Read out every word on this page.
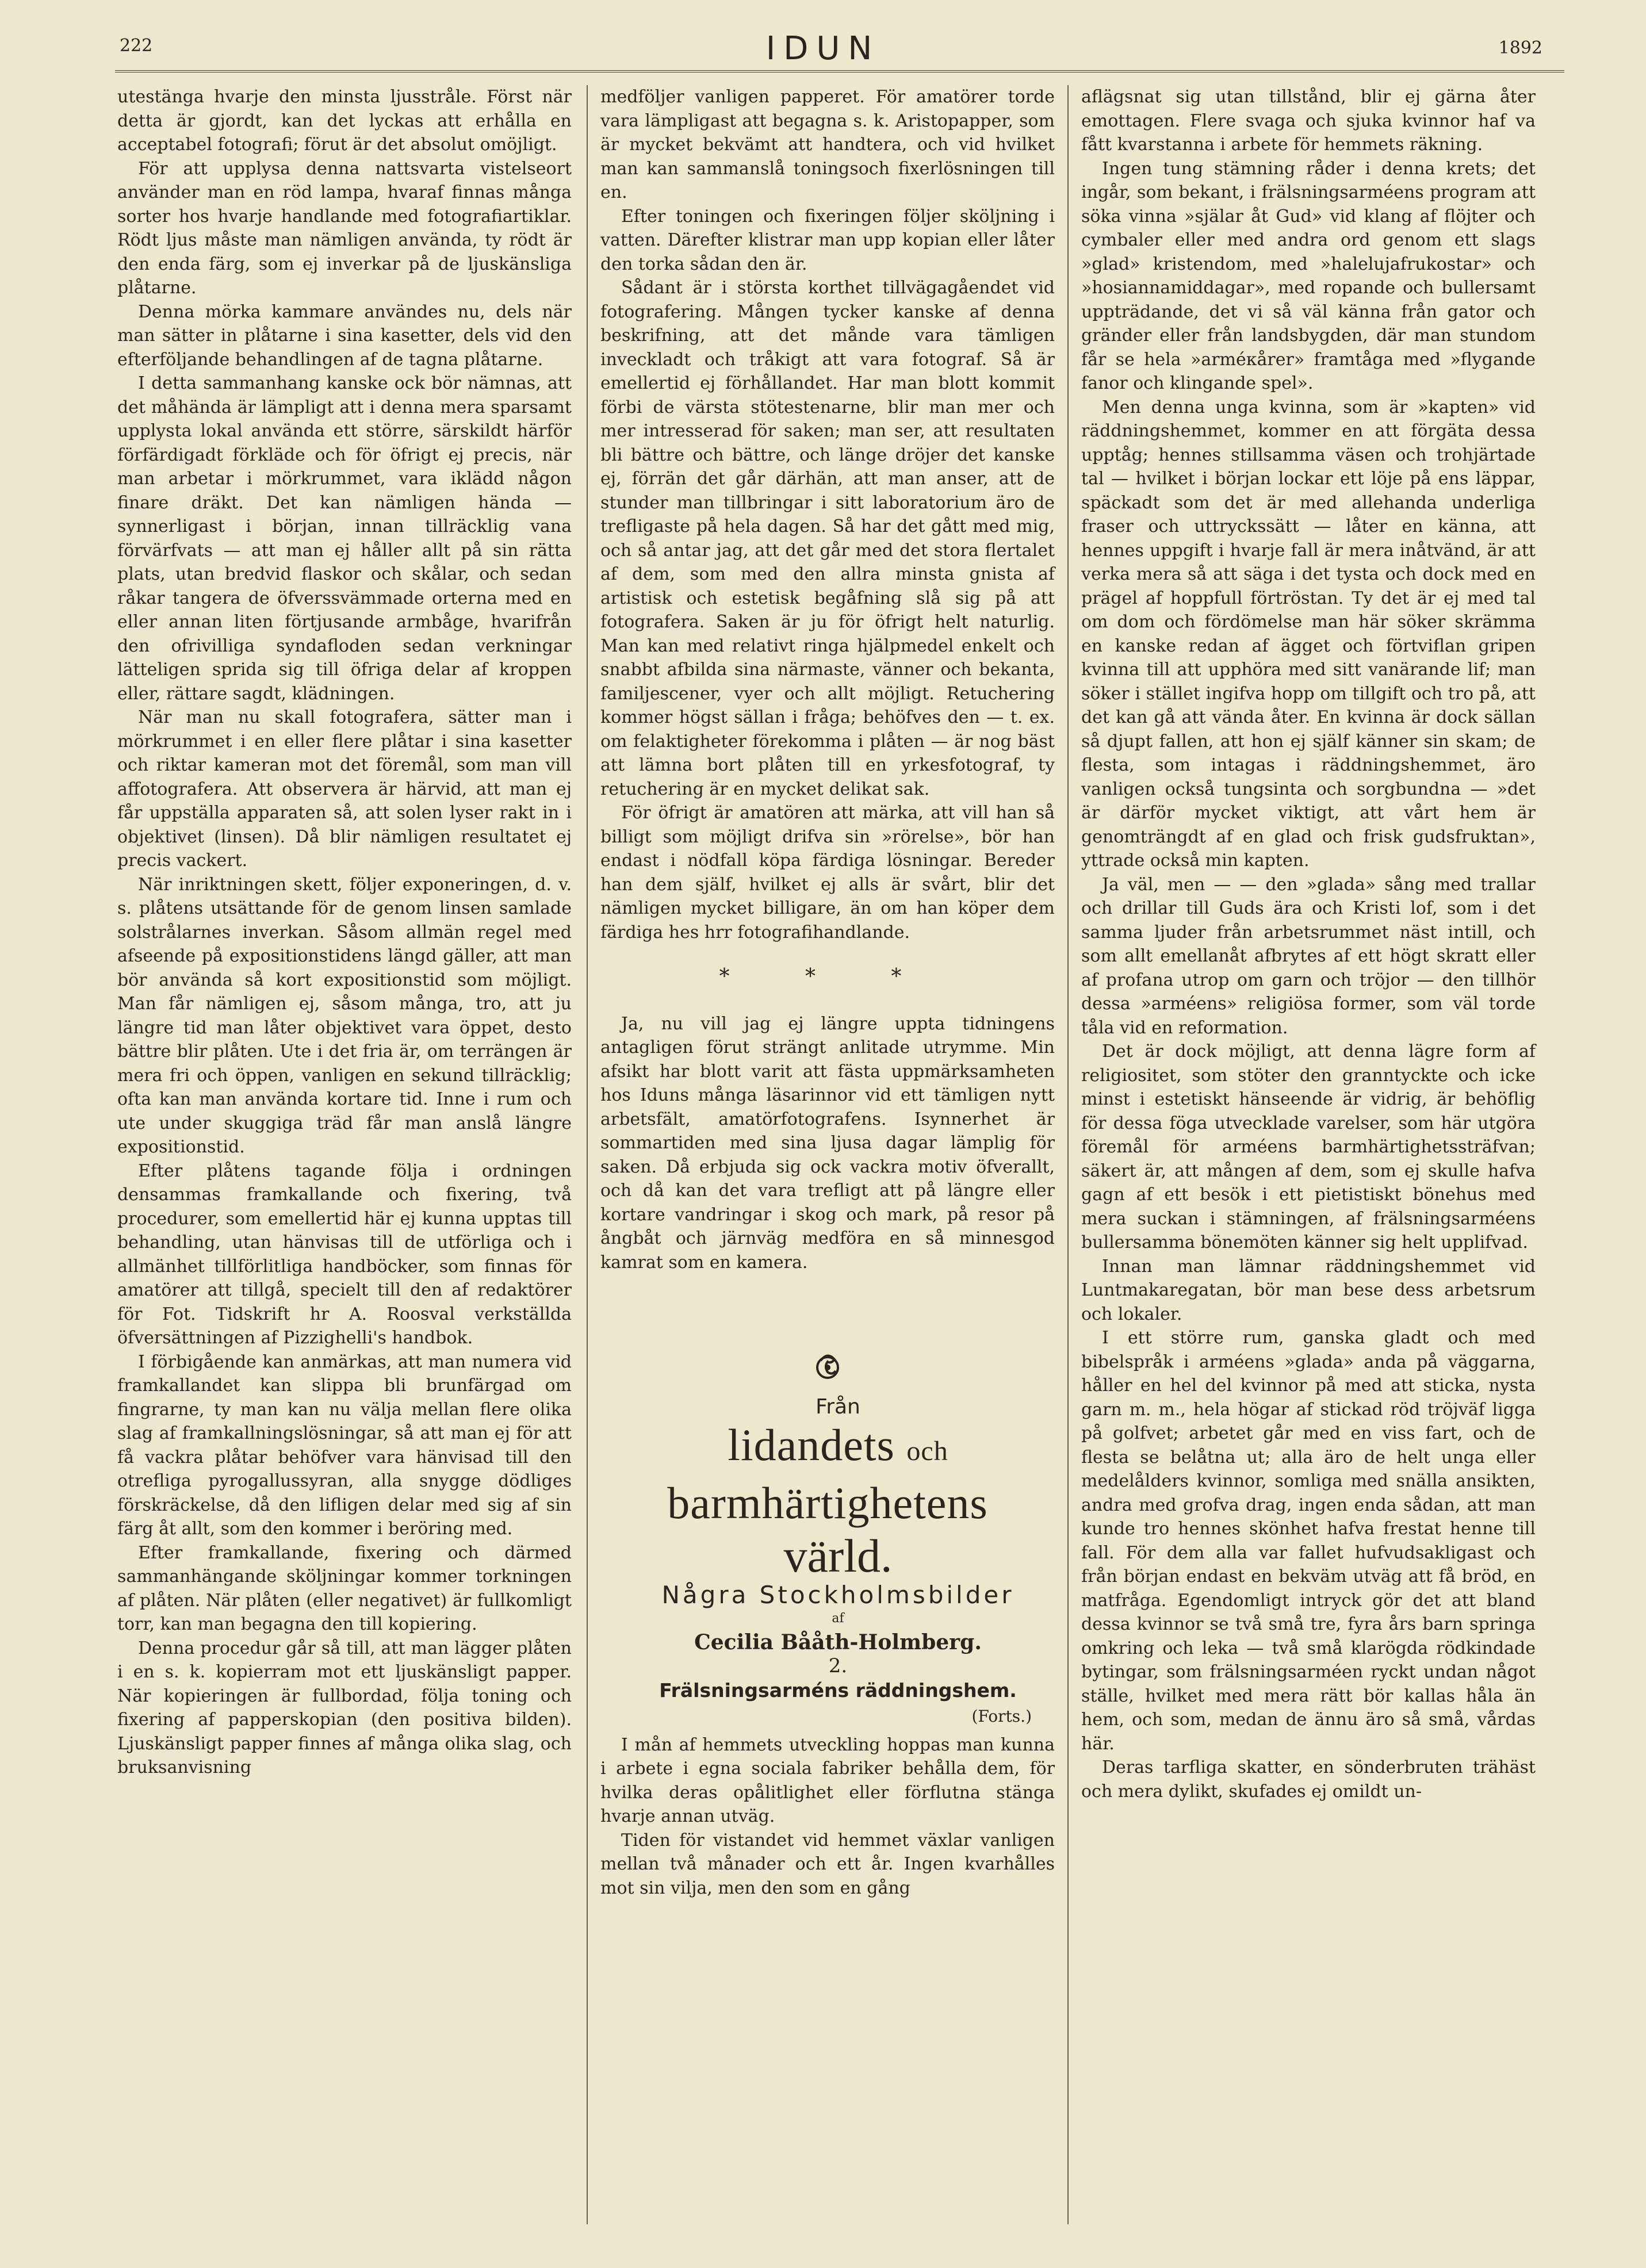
222	IDUN	1892

utestänga hvarje den minsta ljusstråle. Först när detta är gjordt, kan det lyckas att erhålla en acceptabel fotografi; förut är det absolut omöjligt.

För att upplysa denna nattsvarta vistelseort använder man en röd lampa, hvaraf finnas många sorter hos hvarje handlande med fotografiartiklar. Rödt ljus måste man nämligen använda, ty rödt är den enda färg, som ej inverkar på de ljuskänsliga plåtarne.

Denna mörka kammare användes nu, dels när man sätter in plåtarne i sina kasetter, dels vid den efterföljande behandlingen af de tagna plåtarne.

I detta sammanhang kanske ock bör nämnas, att det måhända är lämpligt att i denna mera sparsamt upplysta lokal använda ett större, särskildt härför förfärdigadt förkläde och för öfrigt ej precis, när man arbetar i mörkrummet, vara iklädd någon finare dräkt. Det kan nämligen hända — synnerligast i början, innan tillräcklig vana förvärfvats — att man ej håller allt på sin rätta plats, utan bredvid flaskor och skålar, och sedan råkar tangera de öfverssvämmade orterna med en eller annan liten förtjusande armbåge, hvarifrån den ofrivilliga syndafloden sedan verkningar lätteligen sprida sig till öfriga delar af kroppen eller, rättare sagdt, klädningen.

När man nu skall fotografera, sätter man i mörkrummet i en eller flere plåtar i sina kasetter och riktar kameran mot det föremål, som man vill affotografera. Att observera är härvid, att man ej får uppställa apparaten så, att solen lyser rakt in i objektivet (linsen). Då blir nämligen resultatet ej precis vackert.

När inriktningen skett, följer exponeringen, d. v. s. plåtens utsättande för de genom linsen samlade solstrålarnes inverkan. Såsom allmän regel med afseende på expositionstidens längd gäller, att man bör använda så kort expositionstid som möjligt. Man får nämligen ej, såsom många, tro, att ju längre tid man låter objektivet vara öppet, desto bättre blir plåten. Ute i det fria är, om terrängen är mera fri och öppen, vanligen en sekund tillräcklig; ofta kan man använda kortare tid. Inne i rum och ute under skuggiga träd får man anslå längre expositionstid.

Efter plåtens tagande följa i ordningen densammas framkallande och fixering, två procedurer, som emellertid här ej kunna upptas till behandling, utan hänvisas till de utförliga och i allmänhet tillförlitliga handböcker, som finnas för amatörer att tillgå, specielt till den af redaktörer för Fot. Tidskrift hr A. Roosval verkställda öfversättningen af Pizzighelli's handbok.

I förbigående kan anmärkas, att man numera vid framkallandet kan slippa bli brunfärgad om fingrarne, ty man kan nu välja mellan flere olika slag af framkallningslösningar, så att man ej för att få vackra plåtar behöfver vara hänvisad till den otrefliga pyrogallussyran, alla snygge dödliges förskräckelse, då den lifligen delar med sig af sin färg åt allt, som den kommer i beröring med.

Efter framkallande, fixering och därmed sammanhängande sköljningar kommer torkningen af plåten. När plåten (eller negativet) är fullkomligt torr, kan man begagna den till kopiering.

Denna procedur går så till, att man lägger plåten i en s. k. kopierram mot ett ljuskänsligt papper. När kopieringen är fullbordad, följa toning och fixering af papperskopian (den positiva bilden). Ljuskänsligt papper finnes af många olika slag, och bruksanvisning

medföljer vanligen papperet. För amatörer torde vara lämpligast att begagna s. k. Aristopapper, som är mycket bekvämt att handtera, och vid hvilket man kan sammanslå toningsoch fixerlösningen till en.

Efter toningen och fixeringen följer sköljning i vatten. Därefter klistrar man upp kopian eller låter den torka sådan den är.

Sådant är i största korthet tillvägagåendet vid fotografering. Mången tycker kanske af denna beskrifning, att det månde vara tämligen inveckladt och tråkigt att vara fotograf. Så är emellertid ej förhållandet. Har man blott kommit förbi de värsta stötestenarne, blir man mer och mer intresserad för saken; man ser, att resultaten bli bättre och bättre, och länge dröjer det kanske ej, förrän det går därhän, att man anser, att de stunder man tillbringar i sitt laboratorium äro de trefligaste på hela dagen. Så har det gått med mig, och så antar jag, att det går med det stora flertalet af dem, som med den allra minsta gnista af artistisk och estetisk begåfning slå sig på att fotografera. Saken är ju för öfrigt helt naturlig. Man kan med relativt ringa hjälpmedel enkelt och snabbt afbilda sina närmaste, vänner och bekanta, familjescener, vyer och allt möjligt. Retuchering kommer högst sällan i fråga; behöfves den — t. ex. om felaktigheter förekomma i plåten — är nog bäst att lämna bort plåten till en yrkesfotograf, ty retuchering är en mycket delikat sak.

För öfrigt är amatören att märka, att vill han så billigt som möjligt drifva sin »rörelse», bör han endast i nödfall köpa färdiga lösningar. Bereder han dem själf, hvilket ej alls är svårt, blir det nämligen mycket billigare, än om han köper dem färdiga hes hrr fotografihandlande.

* * *

Ja, nu vill jag ej längre uppta tidningens antagligen förut strängt anlitade utrymme. Min afsikt har blott varit att fästa uppmärksamheten hos Iduns många läsarinnor vid ett tämligen nytt arbetsfält, amatörfotografens. Isynnerhet är sommartiden med sina ljusa dagar lämplig för saken. Då erbjuda sig ock vackra motiv öfverallt, och då kan det vara trefligt att på längre eller kortare vandringar i skog och mark, på resor på ångbåt och järnväg medföra en så minnesgod kamrat som en kamera.

Från

lidandets och barmhärtighetens

värld.

Några Stockholmsbilder

af

Cecilia Bååth-Holmberg.

2.

Frälsningsarméns räddningshem.

(Forts.)

I mån af hemmets utveckling hoppas man kunna i arbete i egna sociala fabriker behålla dem, för hvilka deras opålitlighet eller förflutna stänga hvarje annan utväg.

Tiden för vistandet vid hemmet växlar vanligen mellan två månader och ett år. Ingen kvarhålles mot sin vilja, men den som en gång

aflägsnat sig utan tillstånd, blir ej gärna åter emottagen. Flere svaga och sjuka kvinnor haf va fått kvarstanna i arbete för hemmets räkning.

Ingen tung stämning råder i denna krets; det ingår, som bekant, i frälsningsarméens program att söka vinna »själar åt Gud» vid klang af flöjter och cymbaler eller med andra ord genom ett slags »glad» kristendom, med »halelujafrukostar» och »hosiannamiddagar», med ropande och bullersamt uppträdande, det vi så väl känna från gator och gränder eller från landsbygden, där man stundom får se hela »arméкårer» framtåga med »flygande fanor och klingande spel».

Men denna unga kvinna, som är »kapten» vid räddningshemmet, kommer en att förgäta dessa upptåg; hennes stillsamma väsen och trohjärtade tal — hvilket i början lockar ett löje på ens läppar, späckadt som det är med allehanda underliga fraser och uttryckssätt — låter en känna, att hennes uppgift i hvarje fall är mera inåtvänd, är att verka mera så att säga i det tysta och dock med en prägel af hoppfull förtröstan. Ty det är ej med tal om dom och fördömelse man här söker skrämma en kanske redan af ägget och förtviflan gripen kvinna till att upphöra med sitt vanärande lif; man söker i stället ingifva hopp om tillgift och tro på, att det kan gå att vända åter. En kvinna är dock sällan så djupt fallen, att hon ej själf känner sin skam; de flesta, som intagas i räddningshemmet, äro vanligen också tungsinta och sorgbundna — »det är därför mycket viktigt, att vårt hem är genomträngdt af en glad och frisk gudsfruktan», yttrade också min kapten.

Ja väl, men — — den »glada» sång med trallar och drillar till Guds ära och Kristi lof, som i det samma ljuder från arbetsrummet näst intill, och som allt emellanåt afbrytes af ett högt skratt eller af profana utrop om garn och tröjor — den tillhör dessa »arméens» religiösa former, som väl torde tåla vid en reformation.

Det är dock möjligt, att denna lägre form af religiositet, som stöter den granntyckte och icke minst i estetiskt hänseende är vidrig, är behöflig för dessa föga utvecklade varelser, som här utgöra föremål för arméens barmhärtighetssträfvan; säkert är, att mången af dem, som ej skulle hafva gagn af ett besök i ett pietistiskt bönehus med mera suckan i stämningen, af frälsningsarméens bullersamma bönemöten känner sig helt upplifvad.

Innan man lämnar räddningshemmet vid Luntmakaregatan, bör man bese dess arbetsrum och lokaler.

I ett större rum, ganska gladt och med bibelspråk i arméens »glada» anda på väggarna, håller en hel del kvinnor på med att sticka, nysta garn m. m., hela högar af stickad röd tröjväf ligga på golfvet; arbetet går med en viss fart, och de flesta se belåtna ut; alla äro de helt unga eller medelålders kvinnor, somliga med snälla ansikten, andra med grofva drag, ingen enda sådan, att man kunde tro hennes skönhet hafva frestat henne till fall. För dem alla var fallet hufvudsakligast och från början endast en bekväm utväg att få bröd, en matfråga. Egendomligt intryck gör det att bland dessa kvinnor se två små tre, fyra års barn springa omkring och leka — två små klarögda rödkindade bytingar, som frälsningsarméen ryckt undan något ställe, hvilket med mera rätt bör kallas håla än hem, och som, medan de ännu äro så små, vårdas här.

Deras tarfliga skatter, en sönderbruten trähäst och mera dylikt, skufades ej omildt un-
